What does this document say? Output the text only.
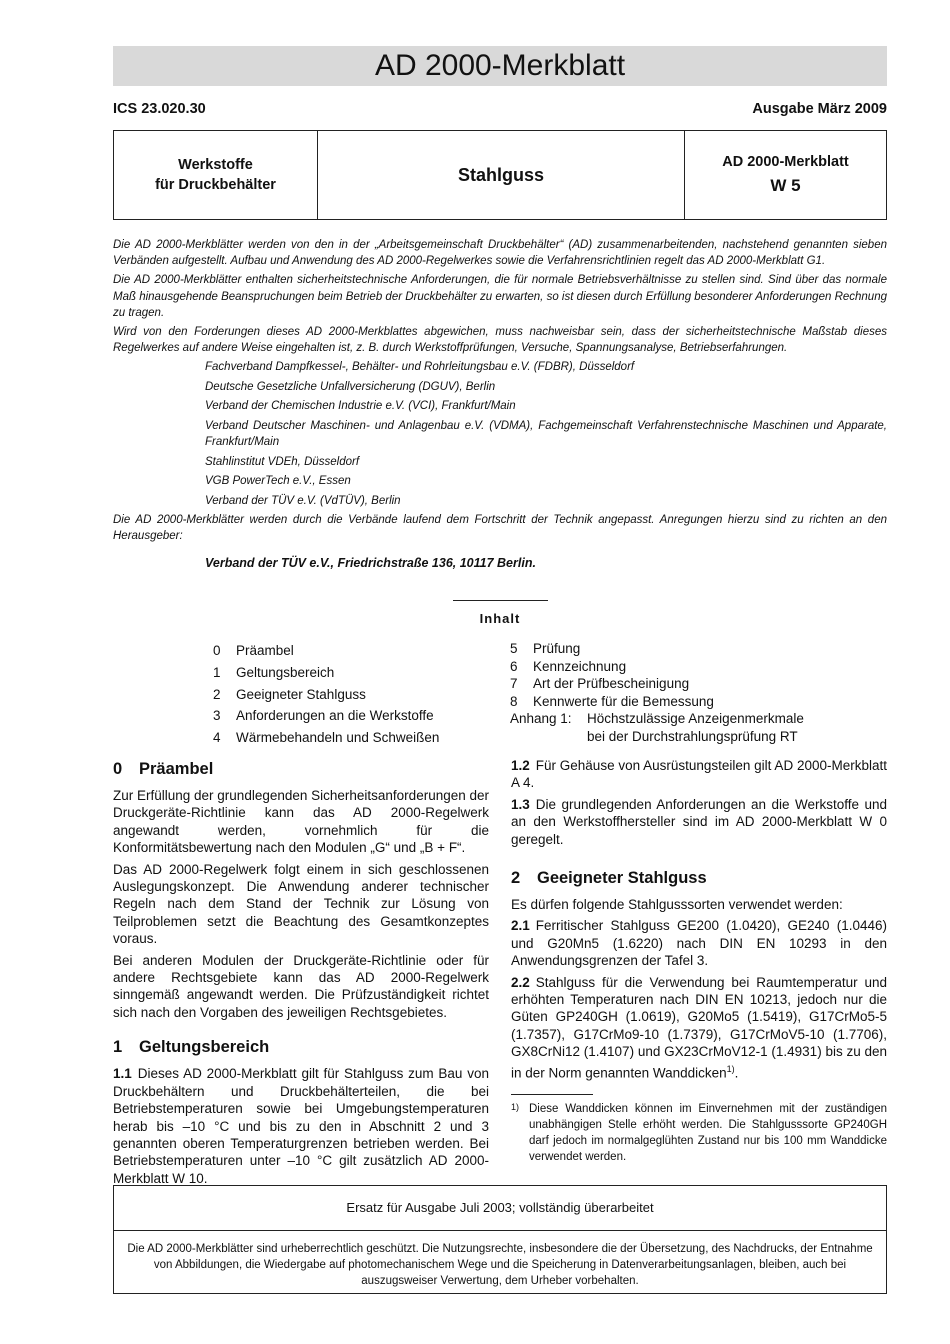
AD 2000-Merkblatt
ICS 23.020.30	Ausgabe März 2009
Werkstoffe
für Druckbehälter
Stahlguss
AD 2000-Merkblatt
W 5

Die AD 2000-Merkblätter werden von den in der „Arbeitsgemeinschaft Druckbehälter“ (AD) zusammenarbeitenden, nachstehend genannten sieben Verbänden aufgestellt. Aufbau und Anwendung des AD 2000-Regelwerkes sowie die Verfahrensrichtlinien regelt das AD 2000-Merkblatt G1.

Die AD 2000-Merkblätter enthalten sicherheitstechnische Anforderungen, die für normale Betriebsverhältnisse zu stellen sind. Sind über das normale Maß hinausgehende Beanspruchungen beim Betrieb der Druckbehälter zu erwarten, so ist diesen durch Erfüllung besonderer Anforderungen Rechnung zu tragen.

Wird von den Forderungen dieses AD 2000-Merkblattes abgewichen, muss nachweisbar sein, dass der sicherheitstechnische Maßstab dieses Regelwerkes auf andere Weise eingehalten ist, z. B. durch Werkstoffprüfungen, Versuche, Spannungsanalyse, Betriebserfahrungen.

Fachverband Dampfkessel-, Behälter- und Rohrleitungsbau e.V. (FDBR), Düsseldorf
Deutsche Gesetzliche Unfallversicherung (DGUV), Berlin
Verband der Chemischen Industrie e.V. (VCI), Frankfurt/Main
Verband Deutscher Maschinen- und Anlagenbau e.V. (VDMA), Fachgemeinschaft Verfahrenstechnische Maschinen und Apparate, Frankfurt/Main
Stahlinstitut VDEh, Düsseldorf
VGB PowerTech e.V., Essen
Verband der TÜV e.V. (VdTÜV), Berlin

Die AD 2000-Merkblätter werden durch die Verbände laufend dem Fortschritt der Technik angepasst. Anregungen hierzu sind zu richten an den Herausgeber:

Verband der TÜV e.V., Friedrichstraße 136, 10117 Berlin.
Inhalt
0	Präambel
1	Geltungsbereich
2	Geeigneter Stahlguss
3	Anforderungen an die Werkstoffe
4	Wärmebehandeln und Schweißen
5	Prüfung
6	Kennzeichnung
7	Art der Prüfbescheinigung
8	Kennwerte für die Bemessung
Anhang 1:	Höchstzulässige Anzeigenmerkmale
bei der Durchstrahlungsprüfung RT
0 Präambel

Zur Erfüllung der grundlegenden Sicherheitsanforderungen der Druckgeräte-Richtlinie kann das AD 2000-Regelwerk angewandt werden, vornehmlich für die Konformitätsbewertung nach den Modulen „G“ und „B + F“.

Das AD 2000-Regelwerk folgt einem in sich geschlossenen Auslegungskonzept. Die Anwendung anderer technischer Regeln nach dem Stand der Technik zur Lösung von Teilproblemen setzt die Beachtung des Gesamtkonzeptes voraus.

Bei anderen Modulen der Druckgeräte-Richtlinie oder für andere Rechtsgebiete kann das AD 2000-Regelwerk sinngemäß angewandt werden. Die Prüfzuständigkeit richtet sich nach den Vorgaben des jeweiligen Rechtsgebietes.

1 Geltungsbereich

1.1 Dieses AD 2000-Merkblatt gilt für Stahlguss zum Bau von Druckbehältern und Druckbehälterteilen, die bei Betriebstemperaturen sowie bei Umgebungstemperaturen herab bis –10 °C und bis zu den in Abschnitt 2 und 3 genannten oberen Temperaturgrenzen betrieben werden. Bei Betriebstemperaturen unter –10 °C gilt zusätzlich AD 2000-Merkblatt W 10.

1.2 Für Gehäuse von Ausrüstungsteilen gilt AD 2000-Merkblatt A 4.

1.3 Die grundlegenden Anforderungen an die Werkstoffe und an den Werkstoffhersteller sind im AD 2000-Merkblatt W 0 geregelt.

2 Geeigneter Stahlguss

Es dürfen folgende Stahlgusssorten verwendet werden:

2.1 Ferritischer Stahlguss GE200 (1.0420), GE240 (1.0446) und G20Mn5 (1.6220) nach DIN EN 10293 in den Anwendungsgrenzen der Tafel 3.

2.2 Stahlguss für die Verwendung bei Raumtemperatur und erhöhten Temperaturen nach DIN EN 10213, jedoch nur die Güten GP240GH (1.0619), G20Mo5 (1.5419), G17CrMo5-5 (1.7357), G17CrMo9-10 (1.7379), G17CrMoV5-10 (1.7706), GX8CrNi12 (1.4107) und GX23CrMoV12-1 (1.4931) bis zu den in der Norm genannten Wanddicken$^{1)}$.

1) Diese Wanddicken können im Einvernehmen mit der zuständigen unabhängigen Stelle erhöht werden. Die Stahlgusssorte GP240GH darf jedoch im normalgeglühten Zustand nur bis 100 mm Wanddicke verwendet werden.
Ersatz für Ausgabe Juli 2003; vollständig überarbeitet
Die AD 2000-Merkblätter sind urheberrechtlich geschützt. Die Nutzungsrechte, insbesondere die der Übersetzung, des Nachdrucks, der Entnahme von Abbildungen, die Wiedergabe auf photomechanischem Wege und die Speicherung in Datenverarbeitungsanlagen, bleiben, auch bei auszugsweiser Verwertung, dem Urheber vorbehalten.
